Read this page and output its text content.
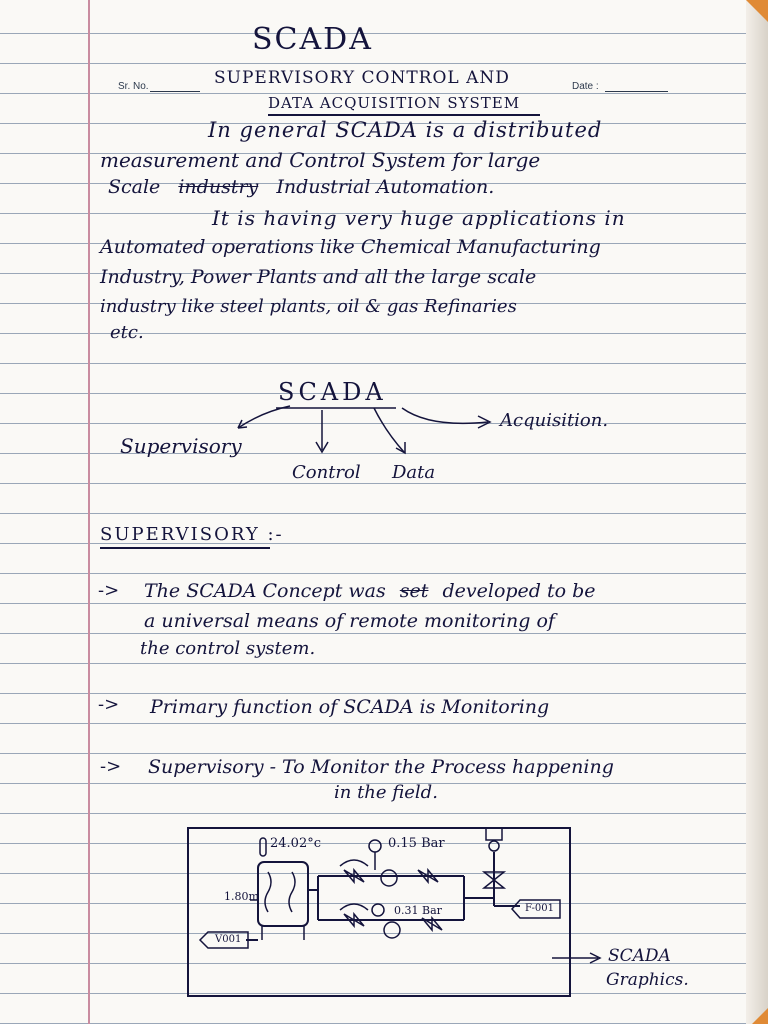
SCADA
Sr. No.	Date :
SUPERVISORY CONTROL AND
DATA ACQUISITION SYSTEM
In general SCADA is a distributed
measurement and Control System for large
Scale industry Industrial Automation.
It is having very huge applications in
Automated operations like Chemical Manufacturing
Industry, Power Plants and all the large scale
industry like steel plants, oil & gas Refinaries
etc.
SCADA
Acquisition.
Supervisory
Control Data
SUPERVISORY :-
-> The SCADA Concept was set developed to be
a universal means of remote monitoring of
the control system.
-> Primary function of SCADA is Monitoring
-> Supervisory - To Monitor the Process happening
in the field.
24.02°c	0.15 Bar
0.31 Bar
1.80m
V001
F-001
SCADA
Graphics.
